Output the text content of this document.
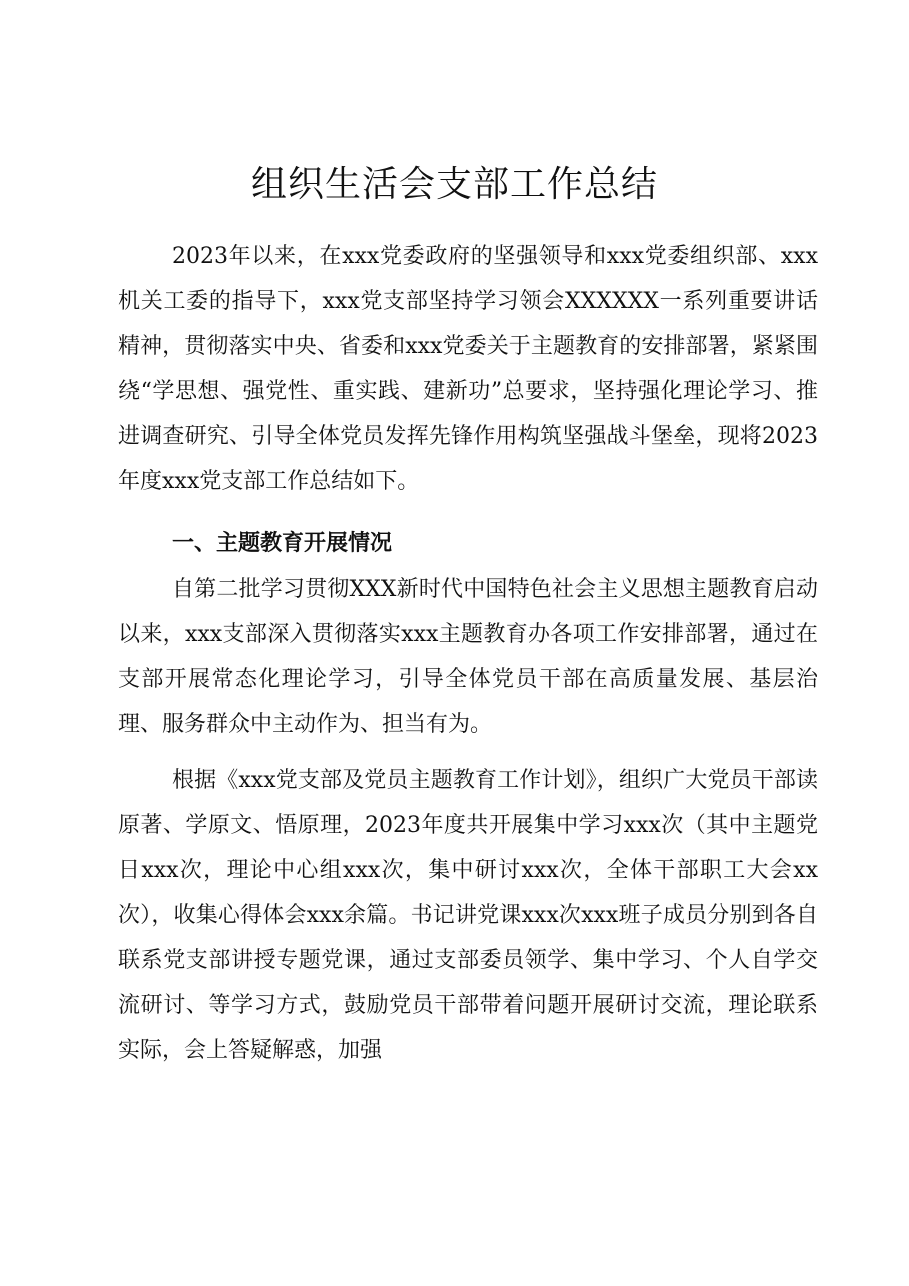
组织生活会支部工作总结

2023年以来，在xxx党委政府的坚强领导和xxx党委组织部、xxx机关工委的指导下，xxx党支部坚持学习领会XXXXXX一系列重要讲话精神，贯彻落实中央、省委和xxx党委关于主题教育的安排部署，紧紧围绕“学思想、强党性、重实践、建新功”总要求，坚持强化理论学习、推进调查研究、引导全体党员发挥先锋作用构筑坚强战斗堡垒，现将2023年度xxx党支部工作总结如下。

一、主题教育开展情况

自第二批学习贯彻XXX新时代中国特色社会主义思想主题教育启动以来，xxx支部深入贯彻落实xxx主题教育办各项工作安排部署，通过在支部开展常态化理论学习，引导全体党员干部在高质量发展、基层治理、服务群众中主动作为、担当有为。

根据《xxx党支部及党员主题教育工作计划》，组织广大党员干部读原著、学原文、悟原理，2023年度共开展集中学习xxx次（其中主题党日xxx次，理论中心组xxx次，集中研讨xxx次，全体干部职工大会xx次），收集心得体会xxx余篇。书记讲党课xxx次xxx班子成员分别到各自联系党支部讲授专题党课，通过支部委员领学、集中学习、个人自学交流研讨、等学习方式，鼓励党员干部带着问题开展研讨交流，理论联系实际，会上答疑解惑，加强
